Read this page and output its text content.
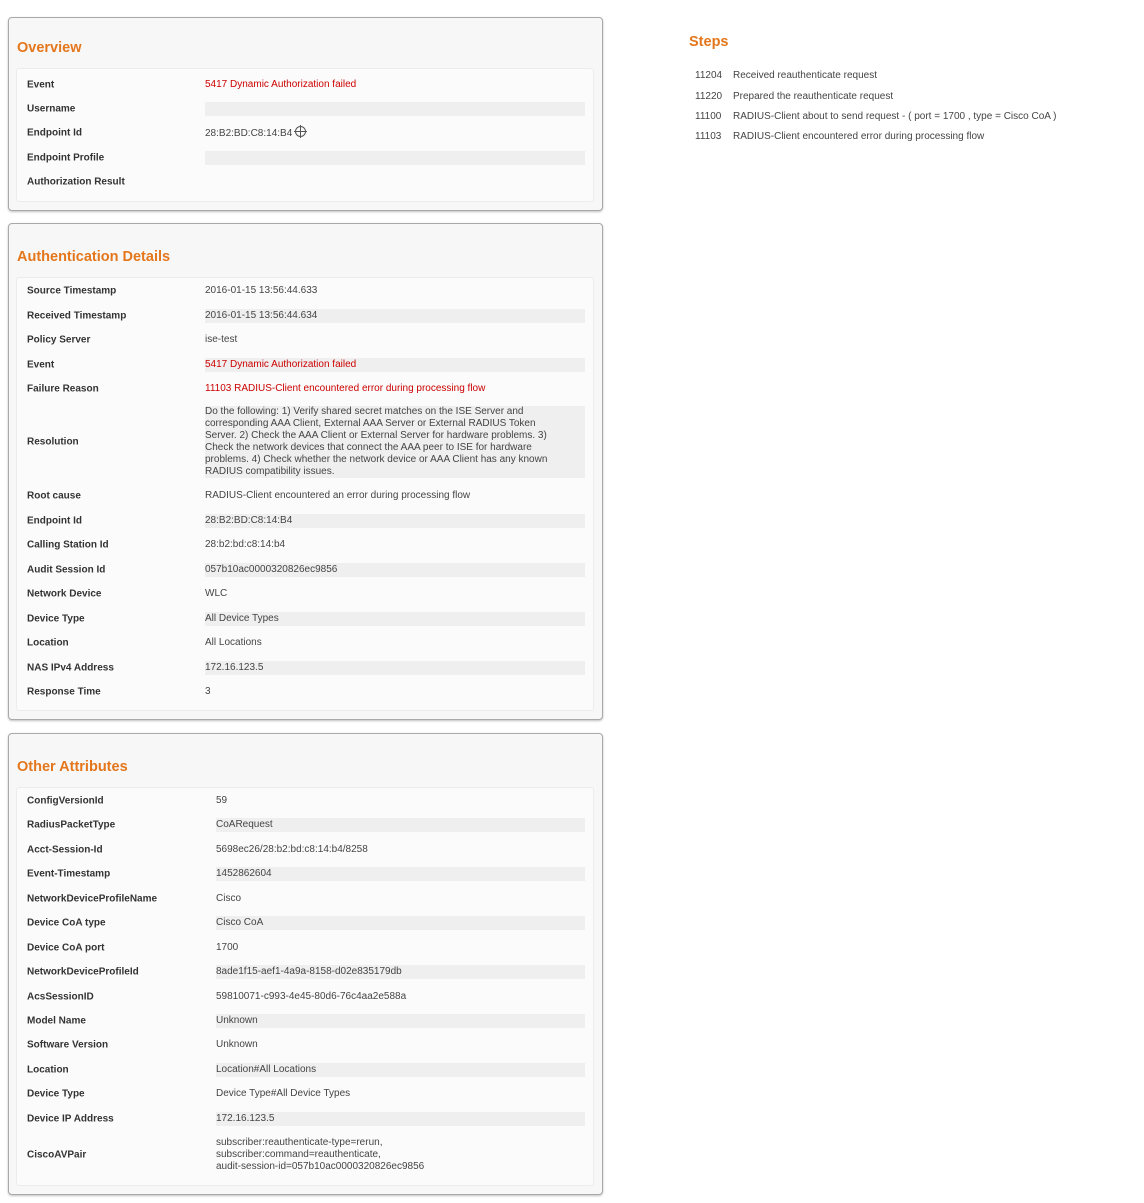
Overview
Event	5417 Dynamic Authorization failed
Username
Endpoint Id	28:B2:BD:C8:14:B4
Endpoint Profile
Authorization Result
Authentication Details
Source Timestamp	2016-01-15 13:56:44.633
Received Timestamp	2016-01-15 13:56:44.634
Policy Server	ise-test
Event	5417 Dynamic Authorization failed
Failure Reason	11103 RADIUS-Client encountered error during processing flow
Resolution
Do the following: 1) Verify shared secret matches on the ISE Server and corresponding AAA Client, External AAA Server or External RADIUS Token Server. 2) Check the AAA Client or External Server for hardware problems. 3) Check the network devices that connect the AAA peer to ISE for hardware problems. 4) Check whether the network device or AAA Client has any known RADIUS compatibility issues.
Root cause	RADIUS-Client encountered an error during processing flow
Endpoint Id	28:B2:BD:C8:14:B4
Calling Station Id	28:b2:bd:c8:14:b4
Audit Session Id	057b10ac0000320826ec9856
Network Device	WLC
Device Type	All Device Types
Location	All Locations
NAS IPv4 Address	172.16.123.5
Response Time	3
Other Attributes
ConfigVersionId	59
RadiusPacketType	CoARequest
Acct-Session-Id	5698ec26/28:b2:bd:c8:14:b4/8258
Event-Timestamp	1452862604
NetworkDeviceProfileName	Cisco
Device CoA type	Cisco CoA
Device CoA port	1700
NetworkDeviceProfileId	8ade1f15-aef1-4a9a-8158-d02e835179db
AcsSessionID	59810071-c993-4e45-80d6-76c4aa2e588a
Model Name	Unknown
Software Version	Unknown
Location	Location#All Locations
Device Type	Device Type#All Device Types
Device IP Address	172.16.123.5
CiscoAVPair
subscriber:reauthenticate-type=rerun,
subscriber:command=reauthenticate,
audit-session-id=057b10ac0000320826ec9856
Steps
11204 Received reauthenticate request
11220 Prepared the reauthenticate request
11100 RADIUS-Client about to send request - ( port = 1700 , type = Cisco CoA )
11103 RADIUS-Client encountered error during processing flow
